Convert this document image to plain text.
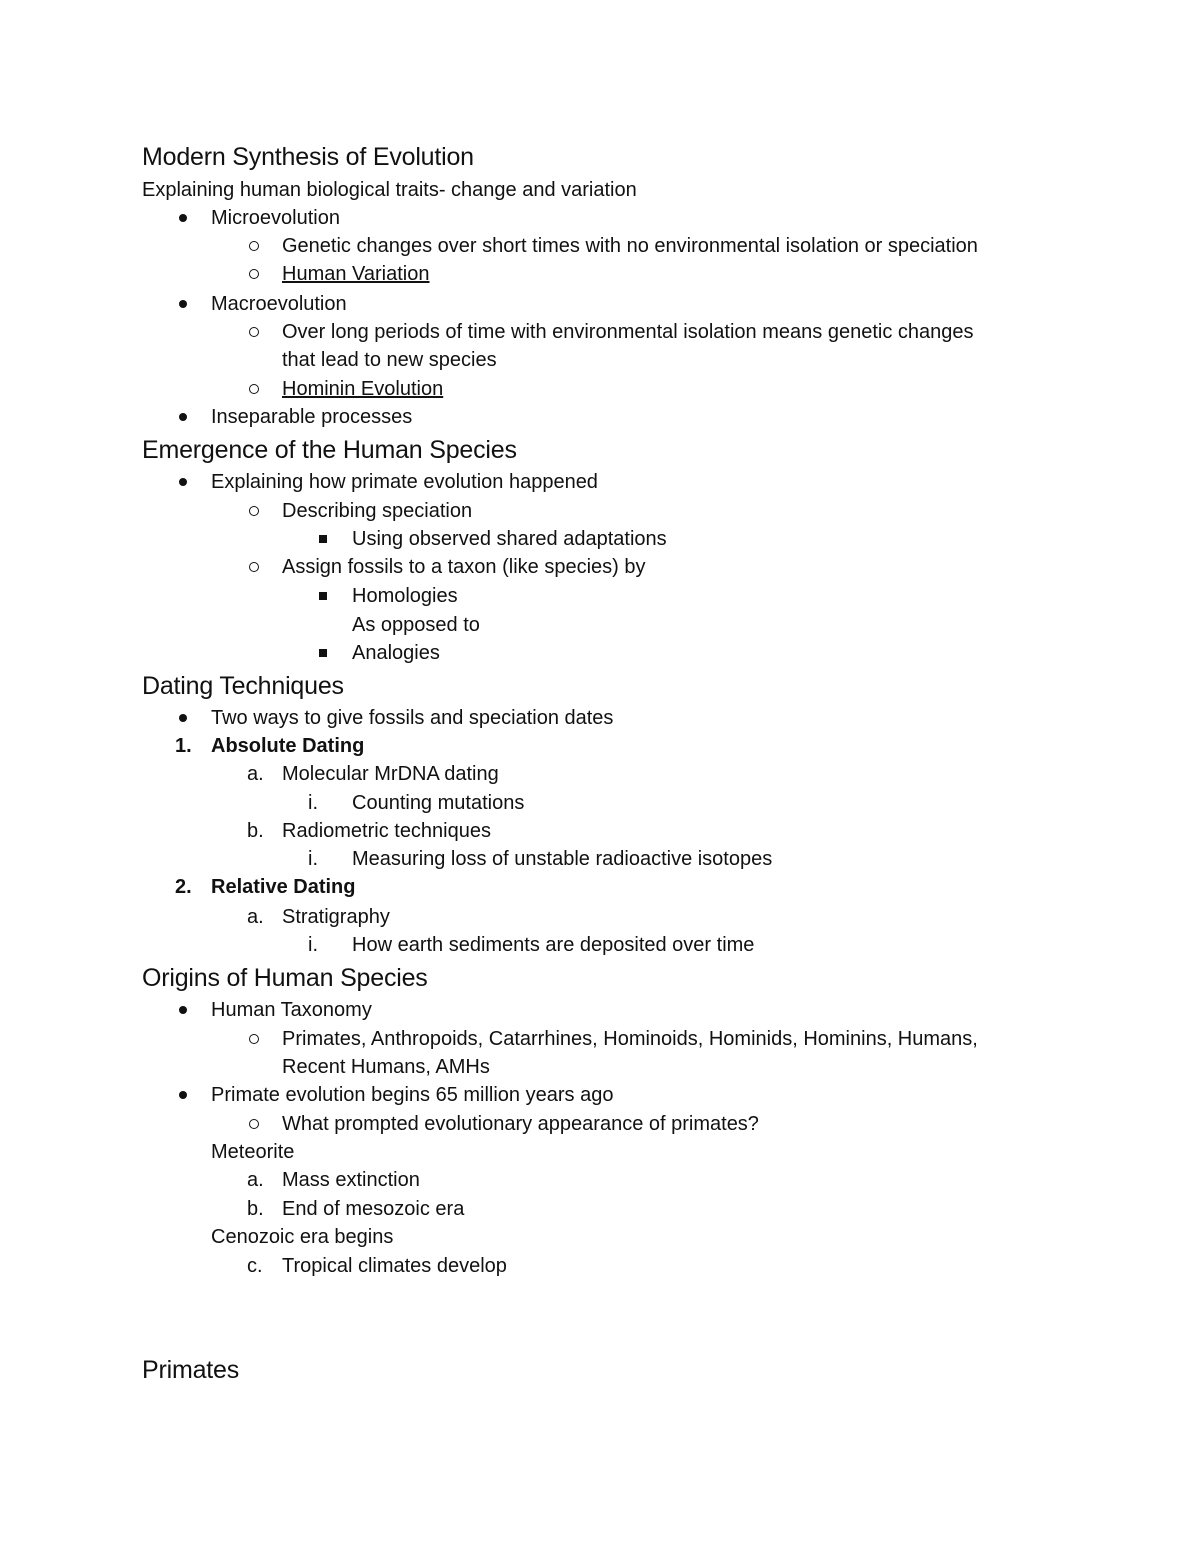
Modern Synthesis of Evolution
Explaining human biological traits- change and variation
Microevolution
Genetic changes over short times with no environmental isolation or speciation
Human Variation
Macroevolution
Over long periods of time with environmental isolation means genetic changes
that lead to new species
Hominin Evolution
Inseparable processes
Emergence of the Human Species
Explaining how primate evolution happened
Describing speciation
Using observed shared adaptations
Assign fossils to a taxon (like species) by
Homologies
As opposed to
Analogies
Dating Techniques
Two ways to give fossils and speciation dates
1. Absolute Dating
a. Molecular MrDNA dating
i. Counting mutations
b. Radiometric techniques
i. Measuring loss of unstable radioactive isotopes
2. Relative Dating
a. Stratigraphy
i. How earth sediments are deposited over time
Origins of Human Species
Human Taxonomy
Primates, Anthropoids, Catarrhines, Hominoids, Hominids, Hominins, Humans,
Recent Humans, AMHs
Primate evolution begins 65 million years ago
What prompted evolutionary appearance of primates?
Meteorite
a. Mass extinction
b. End of mesozoic era
Cenozoic era begins
c. Tropical climates develop
Primates
